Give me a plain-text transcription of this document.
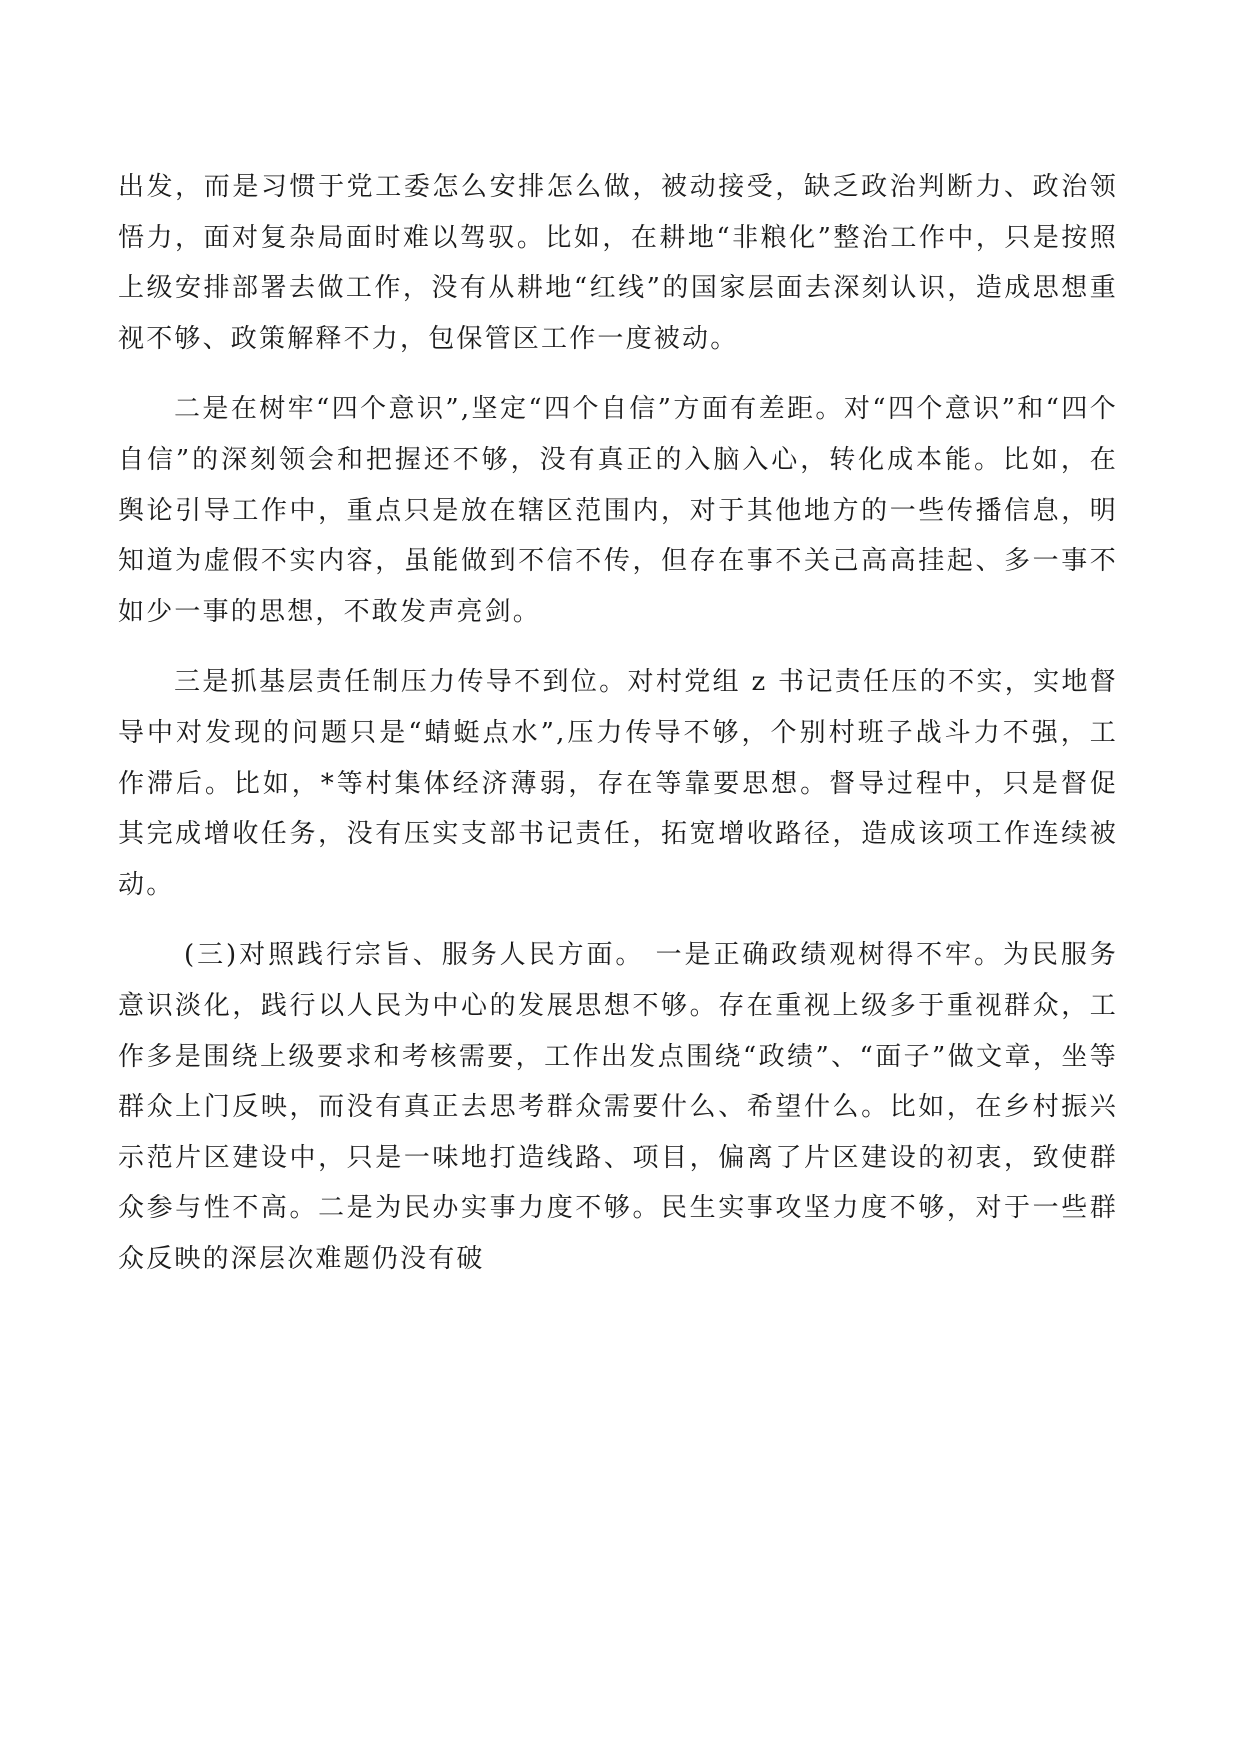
出发，而是习惯于党工委怎么安排怎么做，被动接受，缺乏政治判断力、政治领悟力，面对复杂局面时难以驾驭。比如，在耕地“非粮化”整治工作中，只是按照上级安排部署去做工作，没有从耕地“红线”的国家层面去深刻认识，造成思想重视不够、政策解释不力，包保管区工作一度被动。

二是在树牢“四个意识”,坚定“四个自信”方面有差距。对“四个意识”和“四个自信”的深刻领会和把握还不够，没有真正的入脑入心，转化成本能。比如，在舆论引导工作中，重点只是放在辖区范围内，对于其他地方的一些传播信息，明知道为虚假不实内容，虽能做到不信不传，但存在事不关己高高挂起、多一事不如少一事的思想，不敢发声亮剑。

三是抓基层责任制压力传导不到位。对村党组 z 书记责任压的不实，实地督导中对发现的问题只是“蜻蜓点水”,压力传导不够，个别村班子战斗力不强，工作滞后。比如，*等村集体经济薄弱，存在等靠要思想。督导过程中，只是督促其完成增收任务，没有压实支部书记责任，拓宽增收路径，造成该项工作连续被动。

(三)对照践行宗旨、服务人民方面。 一是正确政绩观树得不牢。为民服务意识淡化，践行以人民为中心的发展思想不够。存在重视上级多于重视群众，工作多是围绕上级要求和考核需要，工作出发点围绕“政绩”、“面子”做文章，坐等群众上门反映，而没有真正去思考群众需要什么、希望什么。比如，在乡村振兴示范片区建设中，只是一味地打造线路、项目，偏离了片区建设的初衷，致使群众参与性不高。二是为民办实事力度不够。民生实事攻坚力度不够，对于一些群众反映的深层次难题仍没有破
